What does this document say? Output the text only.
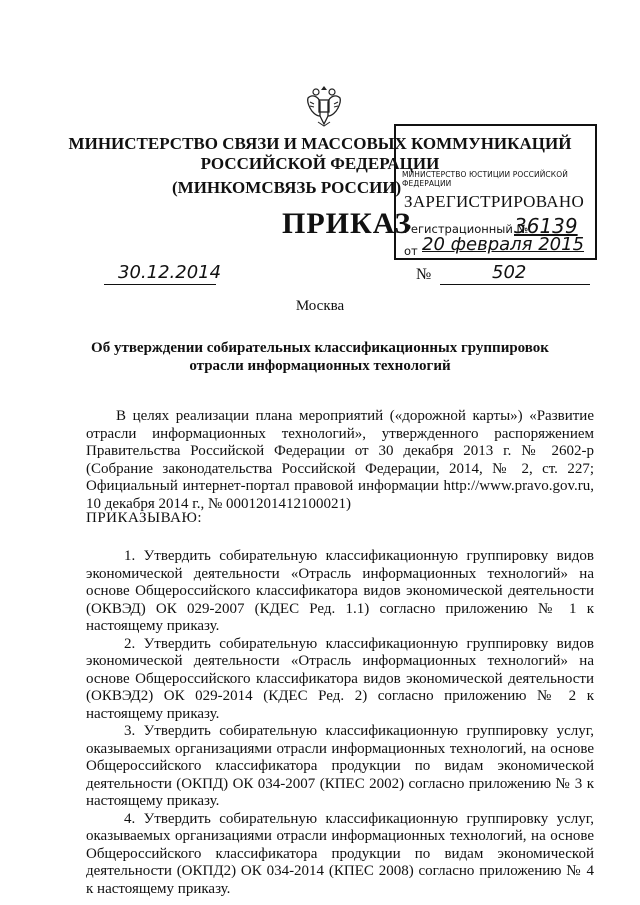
МИНИСТЕРСТВО СВЯЗИ И МАССОВЫХ КОММУНИКАЦИЙ
РОССИЙСКОЙ ФЕДЕРАЦИИ
(МИНКОМСВЯЗЬ РОССИИ)
МИНИСТЕРСТВО ЮСТИЦИИ РОССИЙСКОЙ ФЕДЕРАЦИИ
ЗАРЕГИСТРИРОВАНО
Регистрационный №
36139
от 20 февраля 2015
ПРИКАЗ
30.12.2014	№	502
Москва
Об утверждении собирательных классификационных группировок
отрасли информационных технологий

В целях реализации плана мероприятий («дорожной карты») «Развитие отрасли информационных технологий», утвержденного распоряжением Правительства Российской Федерации от 30 декабря 2013 г. № 2602-р (Собрание законодательства Российской Федерации, 2014, № 2, ст. 227; Официальный интернет-портал правовой информации http://www.pravo.gov.ru, 10 декабря 2014 г., № 0001201412100021)

ПРИКАЗЫВАЮ:

1. Утвердить собирательную классификационную группировку видов экономической деятельности «Отрасль информационных технологий» на основе Общероссийского классификатора видов экономической деятельности (ОКВЭД) ОК 029-2007 (КДЕС Ред. 1.1) согласно приложению № 1 к настоящему приказу.

2. Утвердить собирательную классификационную группировку видов экономической деятельности «Отрасль информационных технологий» на основе Общероссийского классификатора видов экономической деятельности (ОКВЭД2) ОК 029-2014 (КДЕС Ред. 2) согласно приложению № 2 к настоящему приказу.

3. Утвердить собирательную классификационную группировку услуг, оказываемых организациями отрасли информационных технологий, на основе Общероссийского классификатора продукции по видам экономической деятельности (ОКПД) ОК 034-2007 (КПЕС 2002) согласно приложению № 3 к настоящему приказу.

4. Утвердить собирательную классификационную группировку услуг, оказываемых организациями отрасли информационных технологий, на основе Общероссийского классификатора продукции по видам экономической деятельности (ОКПД2) ОК 034-2014 (КПЕС 2008) согласно приложению № 4 к настоящему приказу.
